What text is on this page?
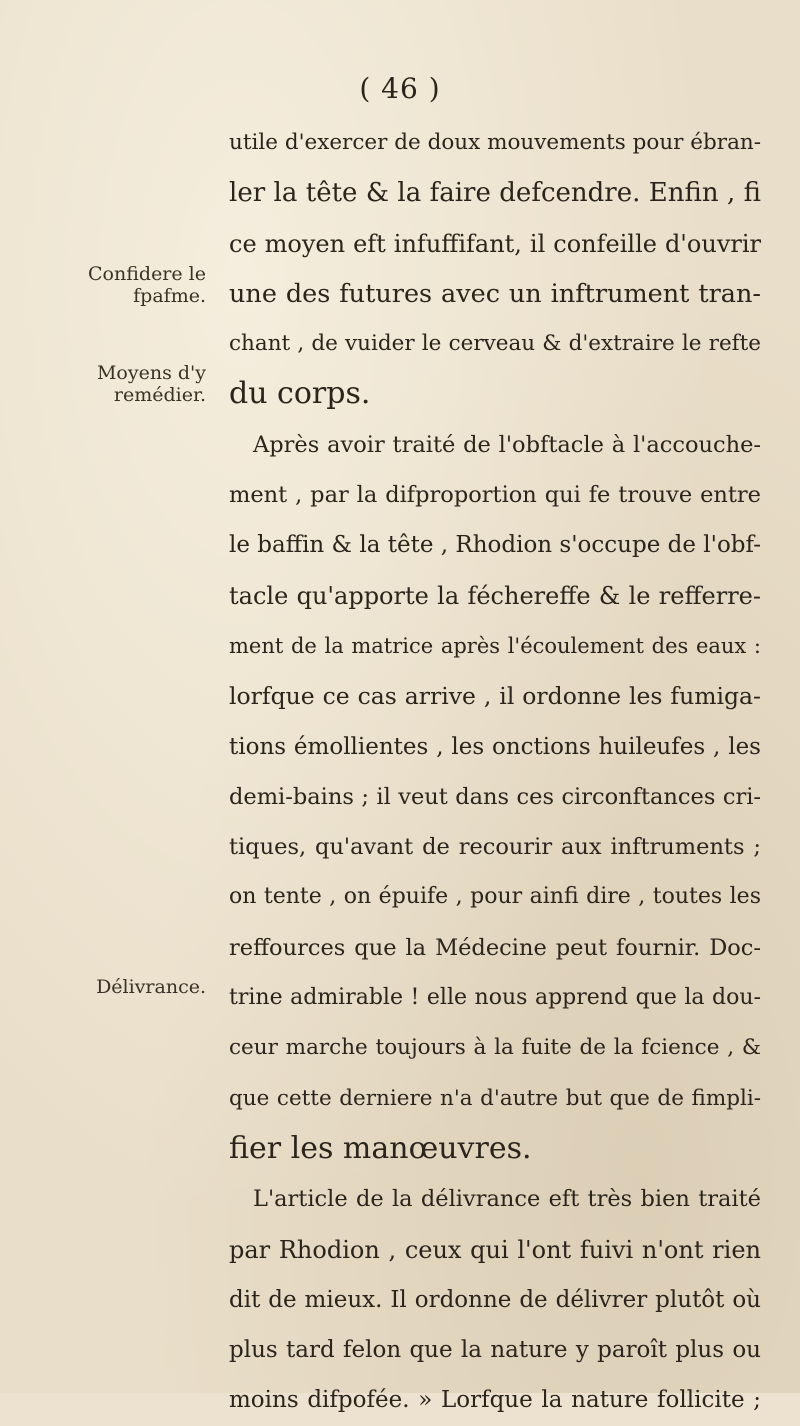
( 46 )
Confidere le
fpafme.
Moyens d'y
remédier.
Délivrance.
utile d'exercer de doux mouvements pour ébran-
ler la tête & la faire defcendre. Enfin , fi
ce moyen eft infuffifant, il confeille d'ouvrir
une des futures avec un inftrument tran-
chant , de vuider le cerveau & d'extraire le refte
du corps.
Après avoir traité de l'obftacle à l'accouche-
ment , par la difproportion qui fe trouve entre
le baffin & la tête , Rhodion s'occupe de l'obf-
tacle qu'apporte la féchereffe & le refferre-
ment de la matrice après l'écoulement des eaux :
lorfque ce cas arrive , il ordonne les fumiga-
tions émollientes , les onctions huileufes , les
demi-bains ; il veut dans ces circonftances cri-
tiques, qu'avant de recourir aux inftruments ;
on tente , on épuife , pour ainfi dire , toutes les
reffources que la Médecine peut fournir. Doc-
trine admirable ! elle nous apprend que la dou-
ceur marche toujours à la fuite de la fcience , &
que cette derniere n'a d'autre but que de fimpli-
fier les manœuvres.
L'article de la délivrance eft très bien traité
par Rhodion , ceux qui l'ont fuivi n'ont rien
dit de mieux. Il ordonne de délivrer plutôt où
plus tard felon que la nature y paroît plus ou
moins difpofée. » Lorfque la nature follicite ;
